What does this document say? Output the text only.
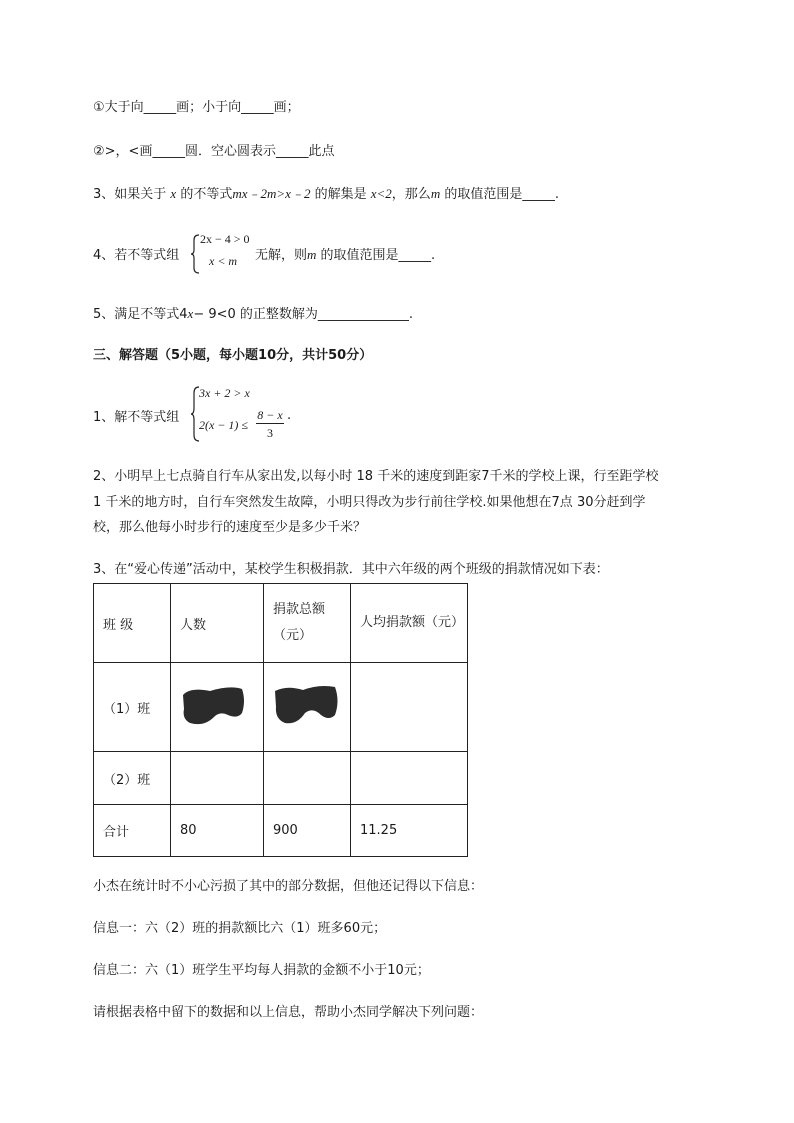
①大于向_____画；小于向_____画；
②>，<画_____圆．空心圆表示_____此点
3、如果关于 x 的不等式mx﹣2m>x﹣2 的解集是 x<2，那么m 的取值范围是_____.
4、若不等式组
2x − 4 > 0
x < m 无解，则m 的取值范围是_____.
5、满足不等式4x− 9<0 的正整数解为______________.
三、解答题（5小题，每小题10分，共计50分）
1、解不等式组
3x + 2 > x
2(x − 1) ≤
8 − x
3
.
2、小明早上七点骑自行车从家出发,以每小时 18 千米的速度到距家7千米的学校上课，行至距学校
1 千米的地方时，自行车突然发生故障，小明只得改为步行前往学校.如果他想在7点 30分赶到学
校，那么他每小时步行的速度至少是多少千米？
3、在“爱心传递”活动中，某校学生积极捐款．其中六年级的两个班级的捐款情况如下表：
班 级	人数	捐款总额（元）	人均捐款额（元）
（1）班			
（2）班			
合计	80	900	11.25
小杰在统计时不小心污损了其中的部分数据，但他还记得以下信息：
信息一：六（2）班的捐款额比六（1）班多60元；
信息二：六（1）班学生平均每人捐款的金额不小于10元；
请根据表格中留下的数据和以上信息，帮助小杰同学解决下列问题：
